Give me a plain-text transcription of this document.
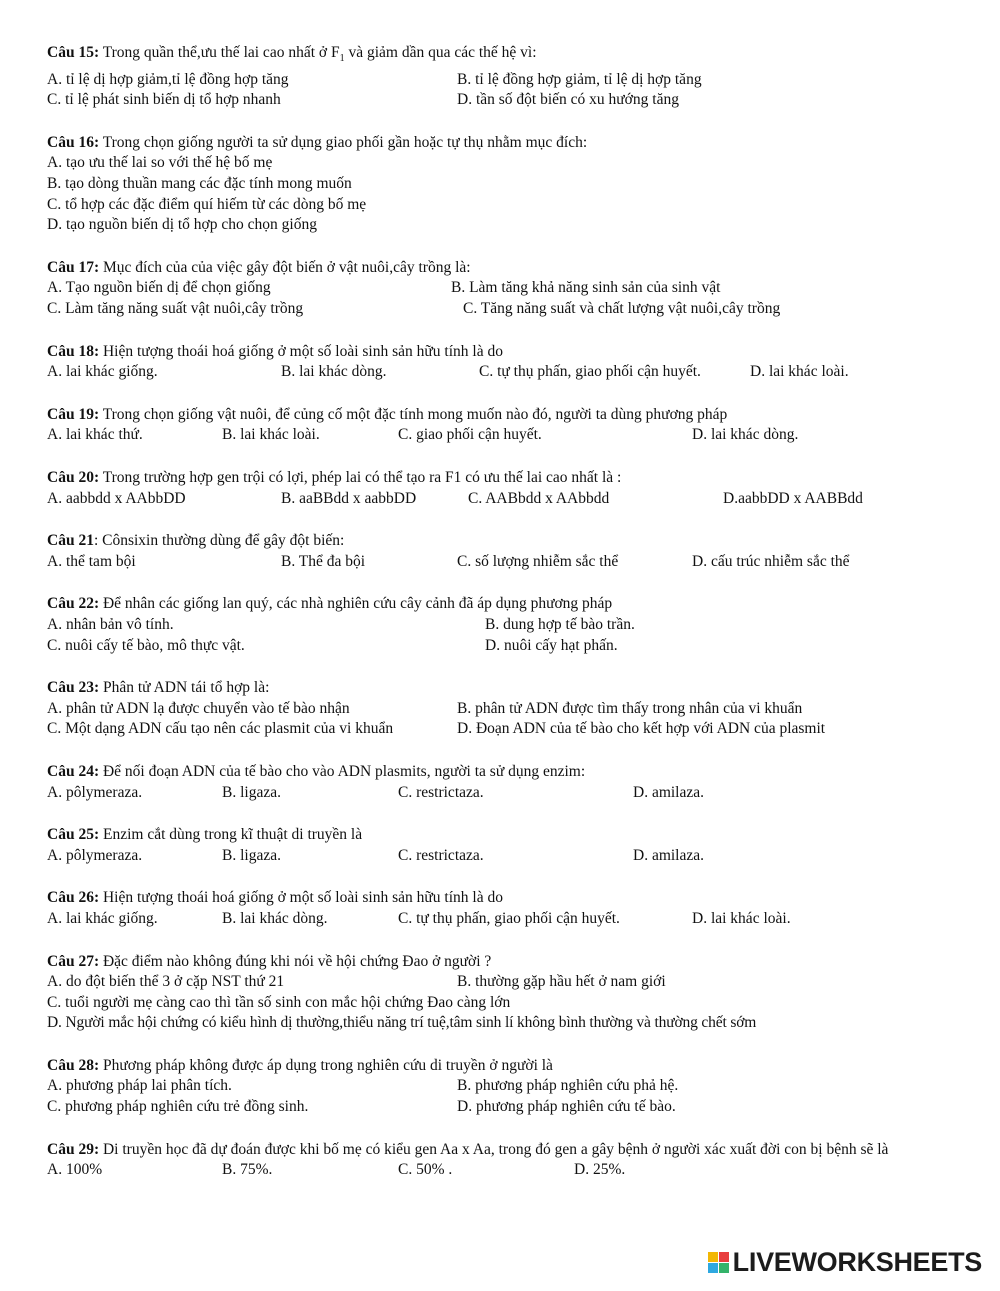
Câu 15: Trong quần thể,ưu thế lai cao nhất ở $F_1$ và giảm dần qua các thế hệ vì:
A. tỉ lệ dị hợp giảm,tỉ lệ đồng hợp tăng	B. tỉ lệ đồng hợp giảm, tỉ lệ dị hợp tăng
C. tỉ lệ phát sinh biến dị tổ hợp nhanh	D. tần số đột biến có xu hướng tăng
Câu 16: Trong chọn giống người ta sử dụng giao phối gần hoặc tự thụ nhằm mục đích:
A. tạo ưu thế lai so với thế hệ bố mẹ
B. tạo dòng thuần mang các đặc tính mong muốn
C. tổ hợp các đặc điểm quí hiếm từ các dòng bố mẹ
D. tạo nguồn biến dị tổ hợp cho chọn giống
Câu 17: Mục đích của của việc gây đột biến ở vật nuôi,cây trồng là:
A. Tạo nguồn biến dị để chọn giống	B. Làm tăng khả năng sinh sản của sinh vật
C. Làm tăng năng suất vật nuôi,cây trồng	C. Tăng năng suất và chất lượng vật nuôi,cây trồng
Câu 18: Hiện tượng thoái hoá giống ở một số loài sinh sản hữu tính là do
A. lai khác giống.	B. lai khác dòng.	C. tự thụ phấn, giao phối cận huyết.	D. lai khác loài.
Câu 19: Trong chọn giống vật nuôi, để củng cố một đặc tính mong muốn nào đó, người ta dùng phương pháp
A. lai khác thứ.	B. lai khác loài.	C. giao phối cận huyết.	D. lai khác dòng.
Câu 20: Trong trường hợp gen trội có lợi, phép lai có thể tạo ra F1 có ưu thế lai cao nhất là :
A. aabbdd x AAbbDD	B. aaBBdd x aabbDD	C. AABbdd x AAbbdd	D.aabbDD x AABBdd
Câu 21: Cônsixin thường dùng để gây đột biến:
A. thể tam bội	B. Thể đa bội	C. số lượng nhiễm sắc thể	D. cấu trúc nhiễm sắc thể
Câu 22: Để nhân các giống lan quý, các nhà nghiên cứu cây cảnh đã áp dụng phương pháp
A. nhân bản vô tính.	B. dung hợp tế bào trần.
C. nuôi cấy tế bào, mô thực vật.	D. nuôi cấy hạt phấn.
Câu 23: Phân tử ADN tái tổ hợp là:
A. phân tử ADN lạ được chuyển vào tế bào nhận	B. phân tử ADN được tìm thấy trong nhân của vi khuẩn
C. Một dạng ADN cấu tạo nên các plasmit của vi khuẩn	D. Đoạn ADN của tế bào cho kết hợp với ADN của plasmit
Câu 24: Để nối đoạn ADN của tế bào cho vào ADN plasmits, người ta sử dụng enzim:
A. pôlymeraza.	B. ligaza.	C. restrictaza.	D. amilaza.
Câu 25: Enzim cắt dùng trong kĩ thuật di truyền là
A. pôlymeraza.	B. ligaza.	C. restrictaza.	D. amilaza.
Câu 26: Hiện tượng thoái hoá giống ở một số loài sinh sản hữu tính là do
A. lai khác giống.	B. lai khác dòng.	C. tự thụ phấn, giao phối cận huyết.	D. lai khác loài.
Câu 27: Đặc điểm nào không đúng khi nói về hội chứng Đao ở người ?
A. do đột biến thể 3 ở cặp NST thứ 21	B. thường gặp hầu hết ở nam giới
C. tuổi người mẹ càng cao thì tần số sinh con mắc hội chứng Đao càng lớn
D. Người mắc hội chứng có kiểu hình dị thường,thiểu năng trí tuệ,tâm sinh lí không bình thường và thường chết sớm
Câu 28: Phương pháp không được áp dụng trong nghiên cứu di truyền ở người là
A. phương pháp lai phân tích.	B. phương pháp nghiên cứu phả hệ.
C. phương pháp nghiên cứu trẻ đồng sinh.	D. phương pháp nghiên cứu tế bào.
Câu 29: Di truyền học đã dự đoán được khi bố mẹ có kiểu gen Aa x Aa, trong đó gen a gây bệnh ở người xác xuất đời con bị bệnh sẽ là
A. 100%	B. 75%.	C. 50% .	D. 25%.
LIVEWORKSHEETS
